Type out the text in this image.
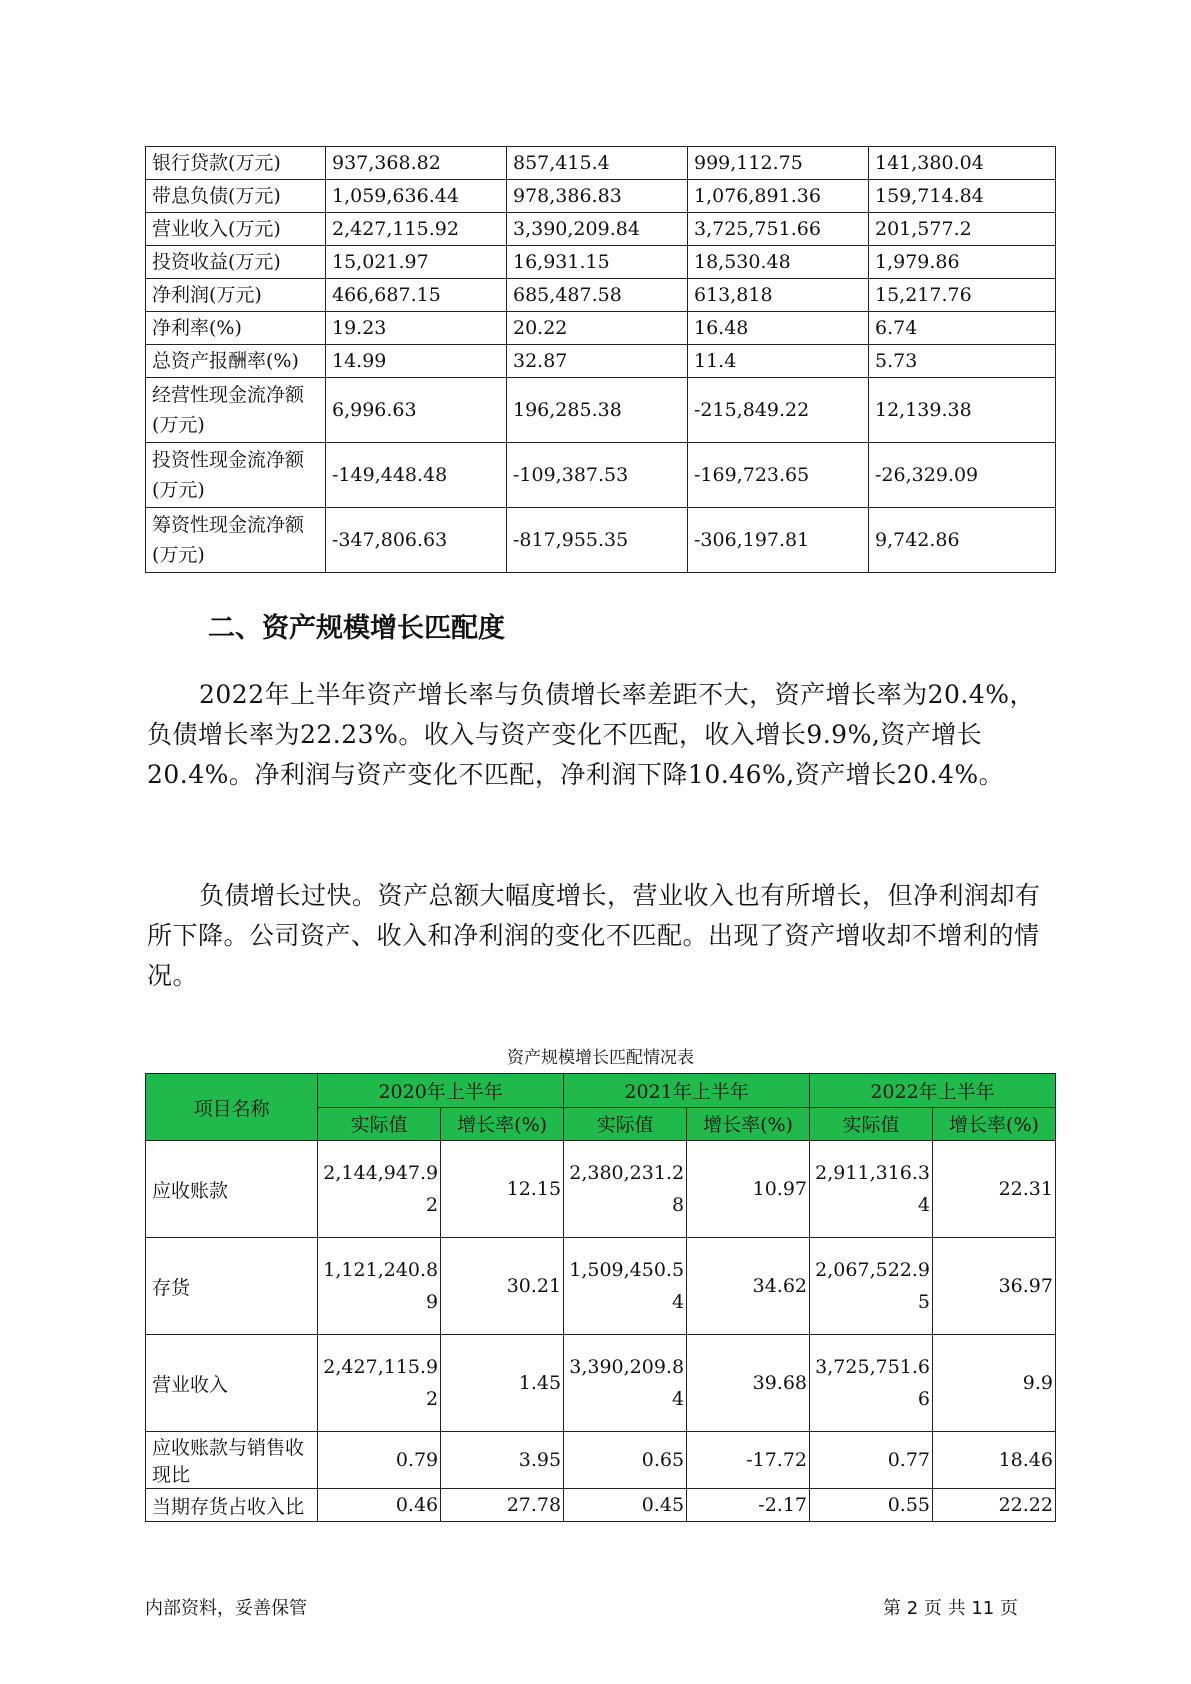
银行贷款(万元)	937,368.82	857,415.4	999,112.75	141,380.04
带息负债(万元)	1,059,636.44	978,386.83	1,076,891.36	159,714.84
营业收入(万元)	2,427,115.92	3,390,209.84	3,725,751.66	201,577.2
投资收益(万元)	15,021.97	16,931.15	18,530.48	1,979.86
净利润(万元)	466,687.15	685,487.58	613,818	15,217.76
净利率(%)	19.23	20.22	16.48	6.74
总资产报酬率(%)	14.99	32.87	11.4	5.73
经营性现金流净额(万元)	6,996.63	196,285.38	-215,849.22	12,139.38
投资性现金流净额(万元)	-149,448.48	-109,387.53	-169,723.65	-26,329.09
筹资性现金流净额(万元)	-347,806.63	-817,955.35	-306,197.81	9,742.86
二、资产规模增长匹配度

2022年上半年资产增长率与负债增长率差距不大，资产增长率为20.4%，负债增长率为22.23%。收入与资产变化不匹配，收入增长9.9%,资产增长20.4%。净利润与资产变化不匹配，净利润下降10.46%,资产增长20.4%。

负债增长过快。资产总额大幅度增长，营业收入也有所增长，但净利润却有所下降。公司资产、收入和净利润的变化不匹配。出现了资产增收却不增利的情况。

资产规模增长匹配情况表

项目名称	2020年上半年		2021年上半年		2022年上半年	
	实际值	增长率(%)	实际值	增长率(%)	实际值	增长率(%)
应收账款	2,144,947.92	12.15	2,380,231.28	10.97	2,911,316.34	22.31
存货	1,121,240.89	30.21	1,509,450.54	34.62	2,067,522.95	36.97
营业收入	2,427,115.92	1.45	3,390,209.84	39.68	3,725,751.66	9.9
应收账款与销售收现比	0.79	3.95	0.65	-17.72	0.77	18.46
当期存货占收入比	0.46	27.78	0.45	-2.17	0.55	22.22
内部资料，妥善保管	第 2 页 共 11 页
